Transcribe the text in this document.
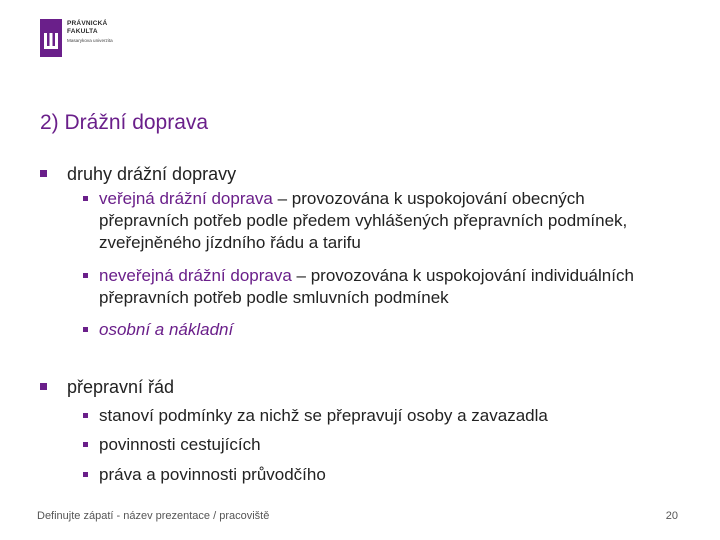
PRÁVNICKÁ
FAKULTA
Masarykova univerzita
2) Drážní doprava
druhy drážní dopravy
veřejná drážní doprava – provozována k uspokojování obecných přepravních potřeb podle předem vyhlášených přepravních podmínek, zveřejněného jízdního řádu a tarifu
neveřejná drážní doprava – provozována k uspokojování individuálních přepravních potřeb podle smluvních podmínek
osobní a nákladní
přepravní řád
stanoví podmínky za nichž se přepravují osoby a zavazadla
povinnosti cestujících
práva a povinnosti průvodčího
Definujte zápatí - název prezentace / pracoviště	20
